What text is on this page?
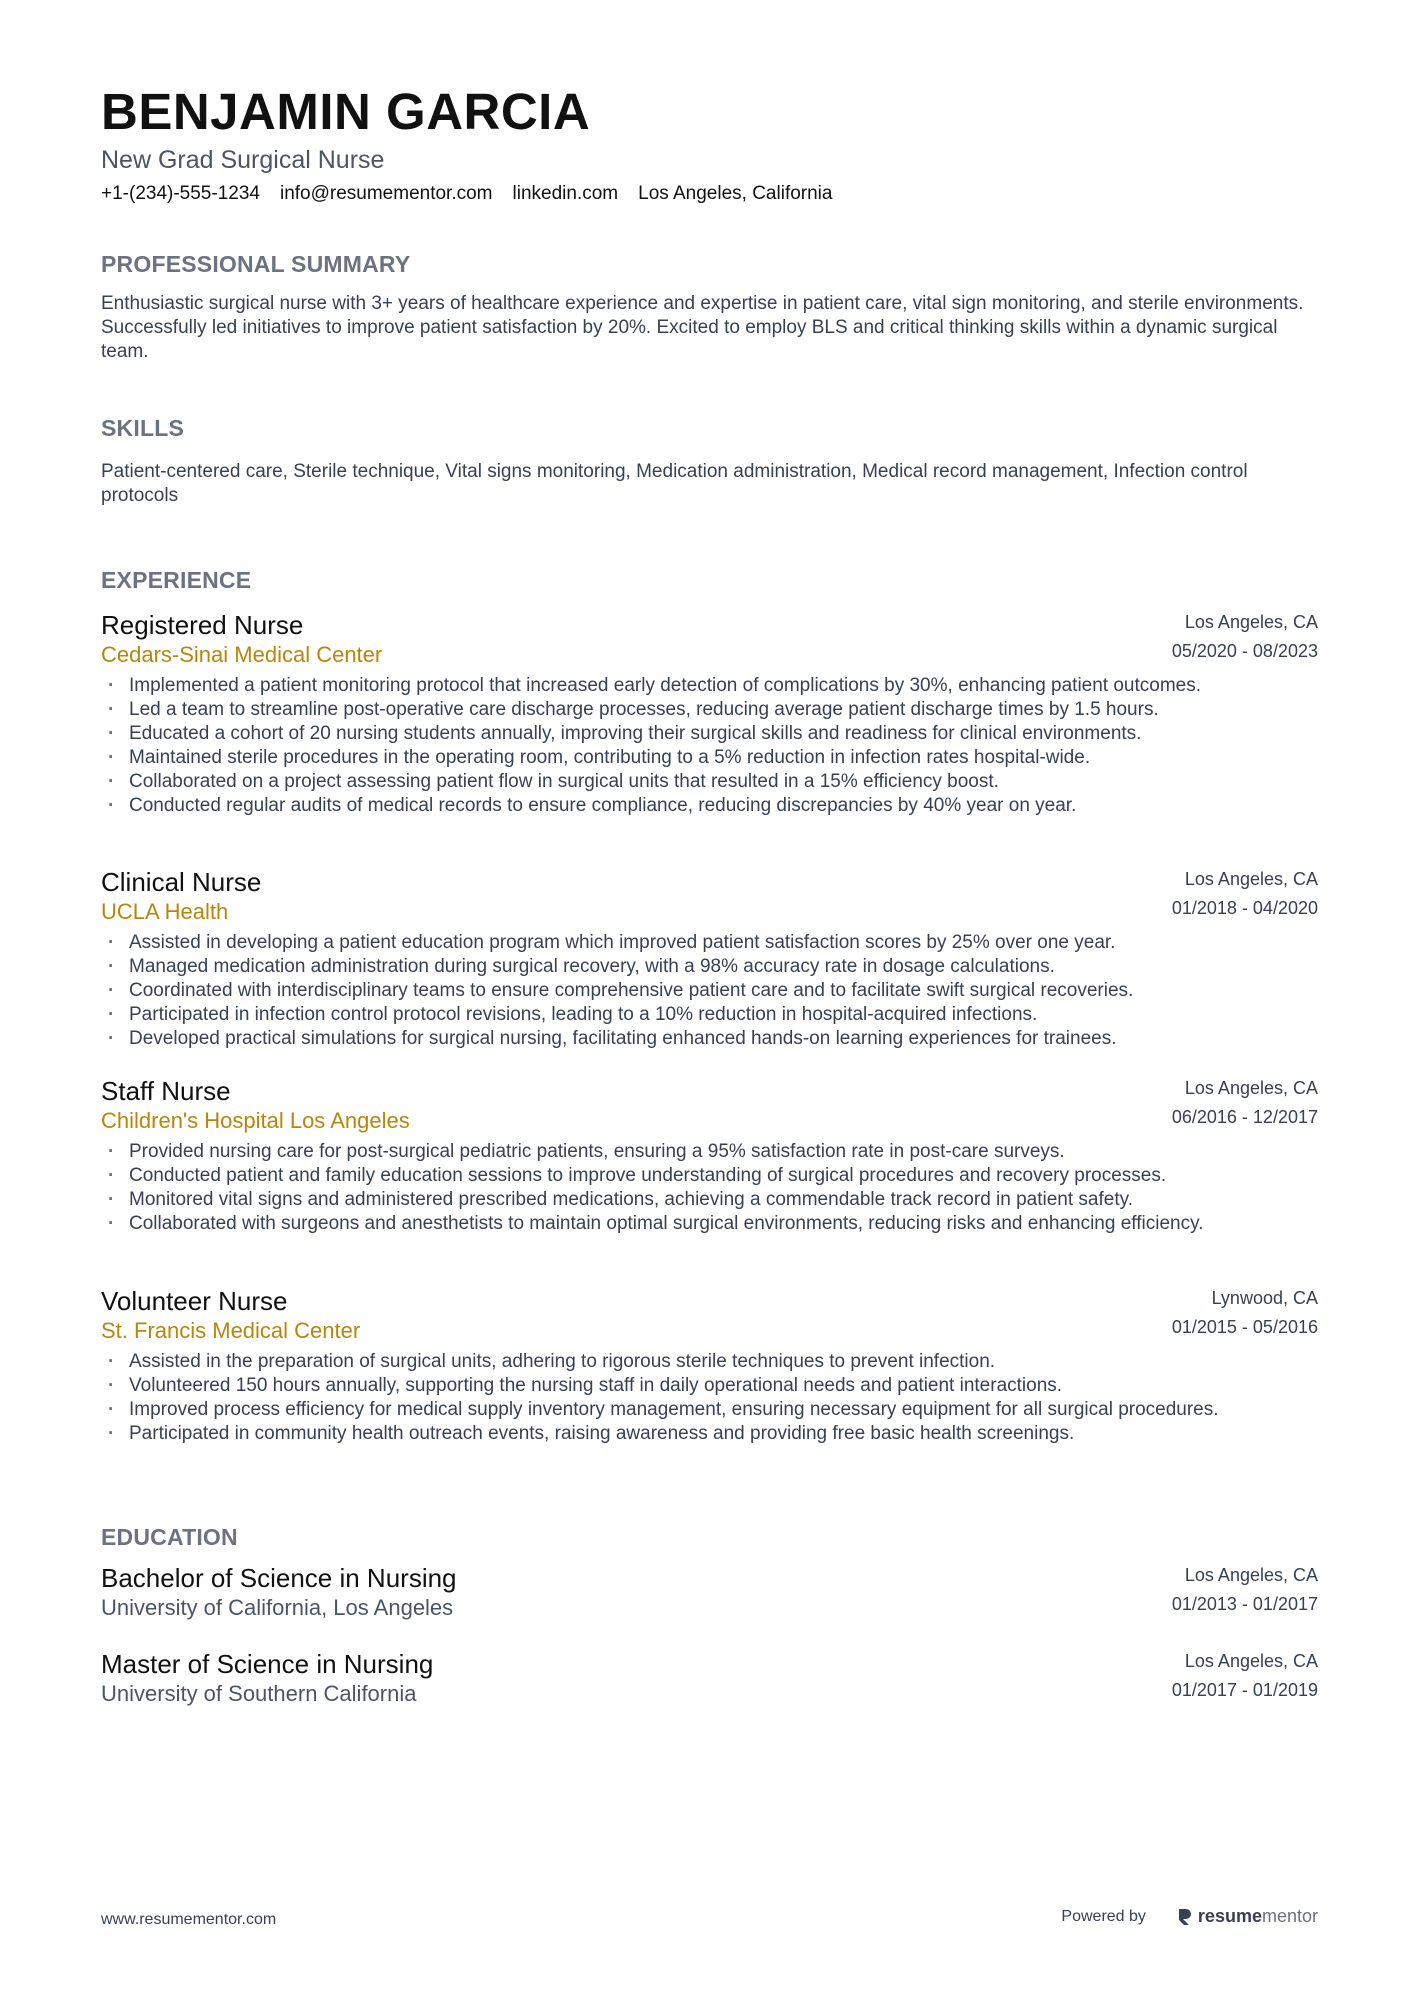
BENJAMIN GARCIA

New Grad Surgical Nurse

+1-(234)-555-1234 info@resumementor.com linkedin.com Los Angeles, California
PROFESSIONAL SUMMARY

Enthusiastic surgical nurse with 3+ years of healthcare experience and expertise in patient care, vital sign monitoring, and sterile environments. Successfully led initiatives to improve patient satisfaction by 20%. Excited to employ BLS and critical thinking skills within a dynamic surgical team.

SKILLS

Patient-centered care, Sterile technique, Vital signs monitoring, Medication administration, Medical record management, Infection control protocols

EXPERIENCE
Registered Nurse
Cedars-Sinai Medical Center
Los Angeles, CA
05/2020 - 08/2023
· Implemented a patient monitoring protocol that increased early detection of complications by 30%, enhancing patient outcomes.
· Led a team to streamline post-operative care discharge processes, reducing average patient discharge times by 1.5 hours.
· Educated a cohort of 20 nursing students annually, improving their surgical skills and readiness for clinical environments.
· Maintained sterile procedures in the operating room, contributing to a 5% reduction in infection rates hospital-wide.
· Collaborated on a project assessing patient flow in surgical units that resulted in a 15% efficiency boost.
· Conducted regular audits of medical records to ensure compliance, reducing discrepancies by 40% year on year.
Clinical Nurse
UCLA Health
Los Angeles, CA
01/2018 - 04/2020
· Assisted in developing a patient education program which improved patient satisfaction scores by 25% over one year.
· Managed medication administration during surgical recovery, with a 98% accuracy rate in dosage calculations.
· Coordinated with interdisciplinary teams to ensure comprehensive patient care and to facilitate swift surgical recoveries.
· Participated in infection control protocol revisions, leading to a 10% reduction in hospital-acquired infections.
· Developed practical simulations for surgical nursing, facilitating enhanced hands-on learning experiences for trainees.
Staff Nurse
Children's Hospital Los Angeles
Los Angeles, CA
06/2016 - 12/2017
· Provided nursing care for post-surgical pediatric patients, ensuring a 95% satisfaction rate in post-care surveys.
· Conducted patient and family education sessions to improve understanding of surgical procedures and recovery processes.
· Monitored vital signs and administered prescribed medications, achieving a commendable track record in patient safety.
· Collaborated with surgeons and anesthetists to maintain optimal surgical environments, reducing risks and enhancing efficiency.
Volunteer Nurse
St. Francis Medical Center
Lynwood, CA
01/2015 - 05/2016
· Assisted in the preparation of surgical units, adhering to rigorous sterile techniques to prevent infection.
· Volunteered 150 hours annually, supporting the nursing staff in daily operational needs and patient interactions.
· Improved process efficiency for medical supply inventory management, ensuring necessary equipment for all surgical procedures.
· Participated in community health outreach events, raising awareness and providing free basic health screenings.
EDUCATION
Bachelor of Science in Nursing
University of California, Los Angeles
Los Angeles, CA
01/2013 - 01/2017
Master of Science in Nursing
University of Southern California
Los Angeles, CA
01/2017 - 01/2019
www.resumementor.com	Powered by	resumementor
